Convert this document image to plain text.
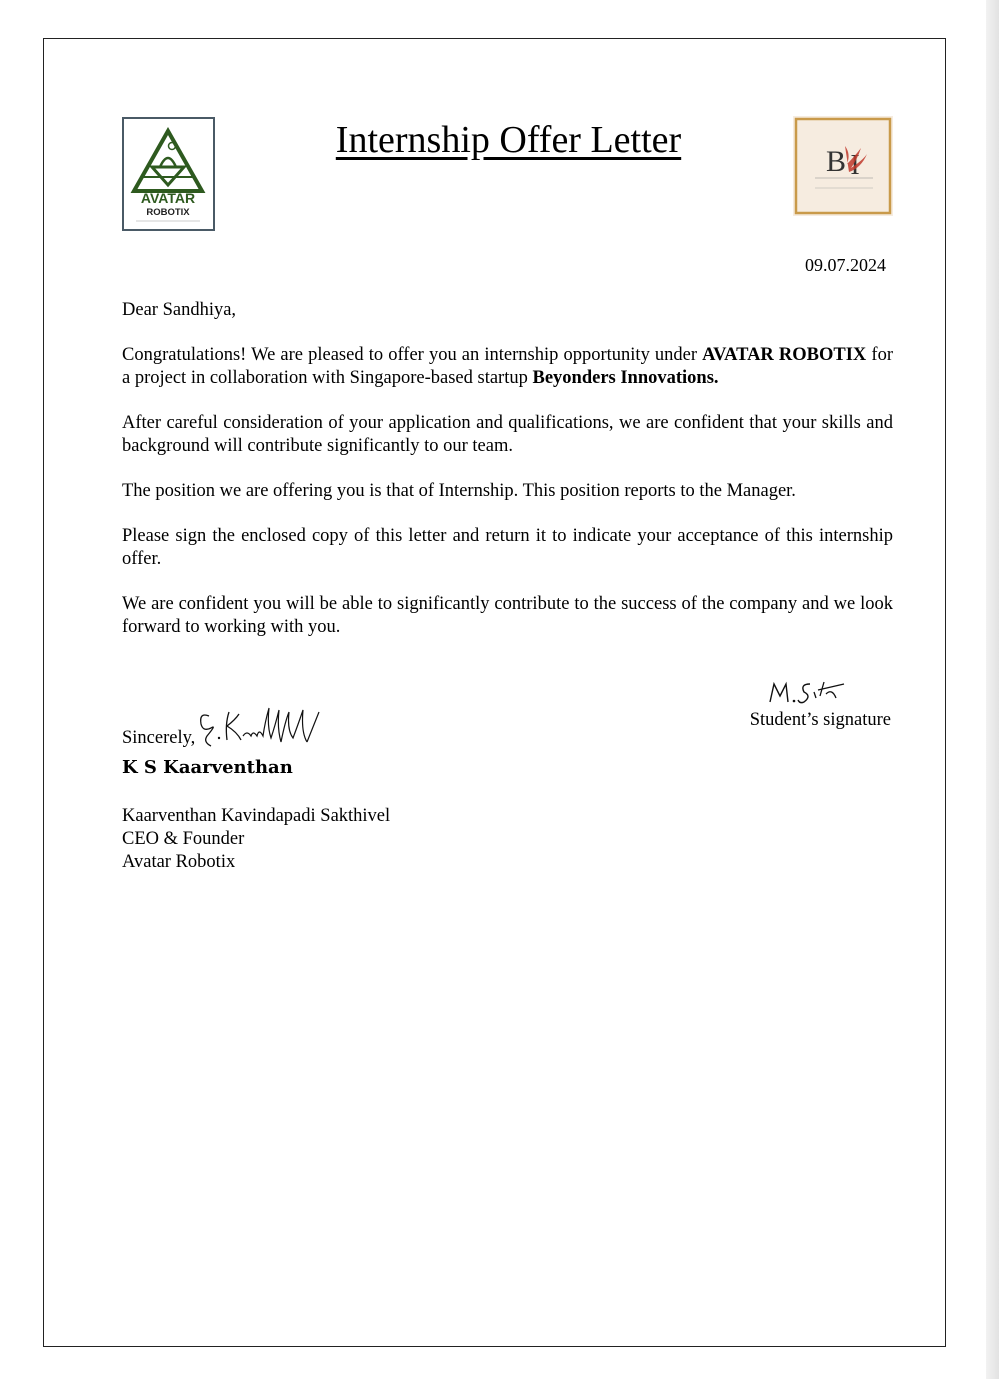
AVATAR
ROBOTIX
Internship Offer Letter
B
09.07.2024

Dear Sandhiya,

Congratulations! We are pleased to offer you an internship opportunity under AVATAR ROBOTIX for a project in collaboration with Singapore-based startup Beyonders Innovations.

After careful consideration of your application and qualifications, we are confident that your skills and background will contribute significantly to our team.

The position we are offering you is that of Internship. This position reports to the Manager.

Please sign the enclosed copy of this letter and return it to indicate your acceptance of this internship offer.

We are confident you will be able to significantly contribute to the success of the company and we look forward to working with you.

Sincerely,
K S Kaarventhan
Kaarventhan Kavindapadi Sakthivel
CEO & Founder
Avatar Robotix
Student’s signature
